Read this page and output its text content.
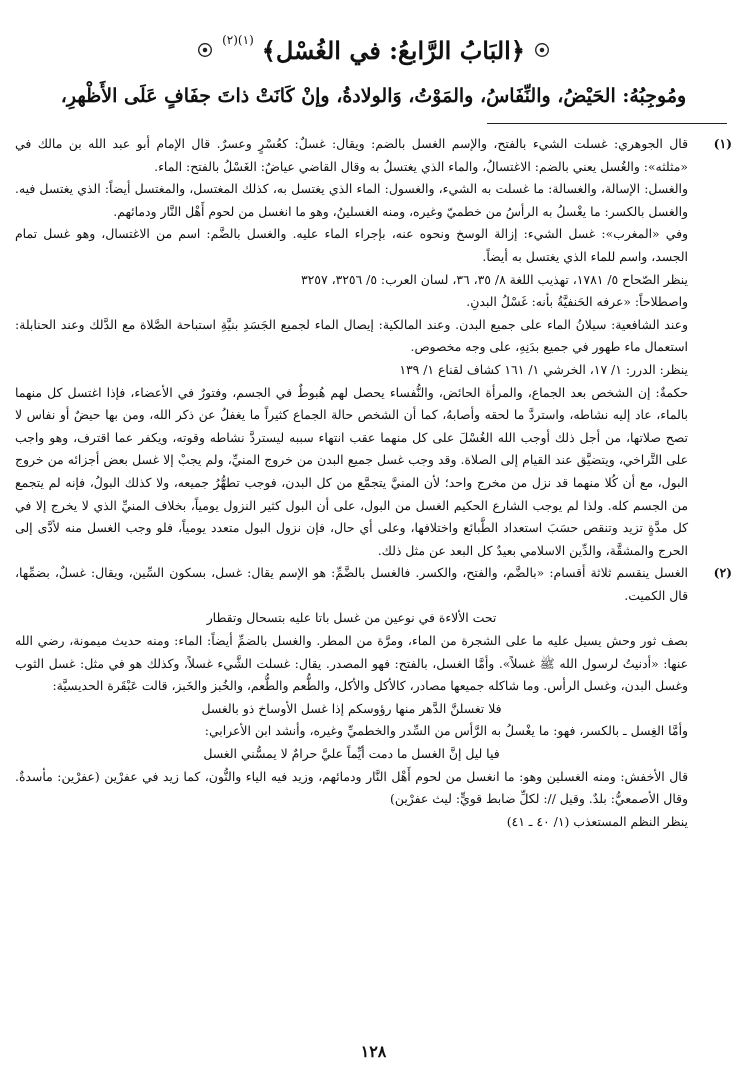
﴿البَابُ الرَّابعُ: في الغُسْل﴾
(١)(٢)
ومُوجِبُهُ: الحَيْضُ، والنِّفَاسُ، والمَوْتُ، وَالولادةُ، وإنْ كَانَتْ ذاتَ جفَافٍ عَلَى الأَظْهرِ،
(١)

قال الجوهري: غسلت الشيء بالفتح، والإسم الغسل بالضم: ويقال: غسلٌ: كعُسْرٍ وعسرٌ. قال الإمام أبو عبد الله بن مالك في «مثلثه»: والغُسل يعني بالضم: الاغتسالُ، والماء الذي يغتسلُ به وقال القاضي عياضٌ: الغَسْلُ بالفتح: الماء.

والغسل: الإسالة، والغسالة: ما غسلت به الشيء، والغسول: الماء الذي يغتسل به، كذلك المغتسل، والمغتسل أيضاً: الذي يغتسل فيه. والغسل بالكسر: ما يغْسلُ به الرأسُ من خطميّ وغيره، ومنه الغسلينُ، وهو ما انغسل من لحوم أَهْل النَّار ودمائهم.

وفي «المغرب»: غسل الشيء: إزالة الوسخ ونحوه عنه، بإجراء الماء عليه. والغسل بالضَّم: اسم من الاغتسال، وهو غسل تمام الجسد، واسم للماء الذي يغتسل به أيضاً.

ينظر الصّحاح ٥/ ١٧٨١، تهذيب اللغة ٨/ ٣٥، ٣٦، لسان العرب: ٥/ ٣٢٥٦، ٣٢٥٧

واصطلاحاً: «عرفه الحَنفيَّةُ بأنه: غَسْلُ البدنِ.

وعند الشافعية: سيلانُ الماء على جميع البدن. وعند المالكية: إيصال الماء لجميع الجَسَدِ بنيَّةِ استباحة الصَّلاة مع الدَّلك وعند الحنابلة: استعمال ماء طهور في جميع بدَنِهِ، على وجه مخصوص.

ينظر: الدرر: ١/ ١٧، الخرشي ١/ ١٦١ كشاف لقناع ١/ ١٣٩

حكمةٌ: إن الشخص بعد الجماع، والمرأة الحائض، والنُّفساء يحصل لهم هُبوطٌ في الجسم، وفتورٌ في الأعضاء، فإذا اغتسل كل منهما بالماء، عاد إليه نشاطه، واستردَّ ما لحقه وأصابهُ، كما أن الشخص حالة الجماع كثيراً ما يغفلُ عن ذكر الله، ومن بها حيضٌ أو نفاس لا تصح صلاتها، من أجل ذلك أوجب الله الغُسْلَ على كل منهما عقب انتهاء سببه ليستردَّ نشاطه وقوته، ويكفر عما اقترف، وهو واجب على التَّراخي، ويتضيَّق عند القيام إلى الصلاة. وقد وجب غسل جميع البدن من خروج المنيِّ، ولم يجبْ إلا غسل بعض أجزائه من خروج البول، مع أن كُلا منهما قد نزل من مخرج واحد؛ لأن المنيَّ يتجمَّع من كل البدن، فوجب تطهُّرُ جميعه، ولا كذلك البولُ، فإنه لم يتجمع من الجسم كله. ولذا لم يوجب الشارع الحكيم الغسل من البول، على أن البول كثير النزول يومياً، بخلاف المنيِّ الذي لا يخرج إلا في كل مدَّةٍ تزيد وتنقص حسَبَ استعداد الطَّبائع واختلافها، وعلى أي حال، فإن نزول البول متعدد يومياً، فلو وجب الغسل منه لأدَّى إلى الحرج والمشقَّة، والدِّين الاسلامي بعيدٌ كل البعد عن مثل ذلك.

(٢)

الغسل ينقسم ثلاثة أقسام: «بالضَّم، والفتح، والكسر. فالغسل بالضَّمِّ: هو الإسم يقال: غسل، بسكون السِّين، ويقال: غسلٌ، بضمِّها، قال الكميت.

تحت الألاءة في نوعين من غسل باتا عليه بتسحال وتقطار

بصف ثور وحش يسيل عليه ما على الشجرة من الماء، ومرَّة من المطر. والغسل بالضمِّ أيضاً: الماء: ومنه حديث ميمونة، رضي الله عنها: «أدنيتُ لرسول الله ﷺ غسلاً». وأمَّا الغسل، بالفتح: فهو المصدر. يقال: غسلت الشَّيء غسلاً، وكذلك هو في مثل: غسل الثوب وغسل البدن، وغسل الرأس. وما شاكله جميعها مصادر، كالأكل والأكل، والطُّعم والطُّعم، والخُبز والخَبز، قالت عَبْقَرة الحديسيَّة:

فلا تغسلنَّ الدَّهر منها رؤوسكم إذا غسل الأوساخ ذو بالغسل

وأمَّا الغِسل ـ بالكسر، فهو: ما يغْسلُ به الرَّأس من السِّدر والخطميِّ وغيره، وأنشد ابن الأعرابي:

فيا ليل إنَّ الغسل ما دمت أيِّماً عليَّ حرامٌ لا يمسُّني الغسل

قال الأخفش: ومنه الغسلين وهو: ما انغسل من لحوم أَهْل النَّار ودمائهم، وزيد فيه الياء والنُّون، كما زيد في عفرْين (عفرْين: مأسدةٌ. وقال الأصمعيُّ: بلدٌ. وقيل //: لكلِّ ضابط قويٍّ: ليث عفرْين)

ينظر النظم المستعذب (١/ ٤٠ ـ ٤١)

١٢٨
